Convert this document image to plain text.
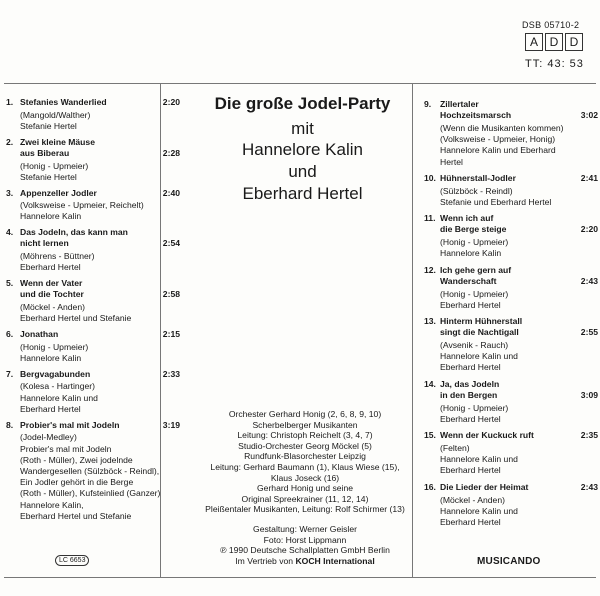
DSB 05710-2
A D D
TT: 43: 53
Die große Jodel-Party
mit
Hannelore Kalin
und
Eberhard Hertel
1. Stefanies Wanderlied	2:20
(Mangold/Walther)
Stefanie Hertel
2. Zwei kleine Mäuse
aus Biberau	2:28
(Honig - Upmeier)
Stefanie Hertel
3. Appenzeller Jodler	2:40
(Volksweise - Upmeier, Reichelt)
Hannelore Kalin
4. Das Jodeln, das kann man
nicht lernen	2:54
(Möhrens - Büttner)
Eberhard Hertel
5. Wenn der Vater
und die Tochter	2:58
(Möckel - Anden)
Eberhard Hertel und Stefanie
6. Jonathan	2:15
(Honig - Upmeier)
Hannelore Kalin
7. Bergvagabunden	2:33
(Kolesa - Hartinger)
Hannelore Kalin und
Eberhard Hertel
8. Probier's mal mit Jodeln	3:19
(Jodel-Medley)
Probier's mal mit Jodeln
(Roth - Müller), Zwei jodelnde
Wandergesellen (Sülzböck - Reindl),
Ein Jodler gehört in die Berge
(Roth - Müller), Kufsteinlied (Ganzer)
Hannelore Kalin,
Eberhard Hertel und Stefanie
9. Zillertaler
Hochzeitsmarsch	3:02
(Wenn die Musikanten kommen)
(Volksweise - Upmeier, Honig)
Hannelore Kalin und Eberhard
Hertel
10. Hühnerstall-Jodler	2:41
(Sülzböck - Reindl)
Stefanie und Eberhard Hertel
11. Wenn ich auf
die Berge steige	2:20
(Honig - Upmeier)
Hannelore Kalin
12. Ich gehe gern auf
Wanderschaft	2:43
(Honig - Upmeier)
Eberhard Hertel
13. Hinterm Hühnerstall
singt die Nachtigall	2:55
(Avsenik - Rauch)
Hannelore Kalin und
Eberhard Hertel
14. Ja, das Jodeln
in den Bergen	3:09
(Honig - Upmeier)
Eberhard Hertel
15. Wenn der Kuckuck ruft	2:35
(Felten)
Hannelore Kalin und
Eberhard Hertel
16. Die Lieder der Heimat	2:43
(Möckel - Anden)
Hannelore Kalin und
Eberhard Hertel
Orchester Gerhard Honig (2, 6, 8, 9, 10)
Scherbelberger Musikanten
Leitung: Christoph Reichelt (3, 4, 7)
Studio-Orchester Georg Möckel (5)
Rundfunk-Blasorchester Leipzig
Leitung: Gerhard Baumann (1), Klaus Wiese (15),
Klaus Joseck (16)
Gerhard Honig und seine
Original Spreekrainer (11, 12, 14)
Pleißentaler Musikanten, Leitung: Rolf Schirmer (13)
Gestaltung: Werner Geisler
Foto: Horst Lippmann
℗ 1990 Deutsche Schallplatten GmbH Berlin
Im Vertrieb von KOCH International
LC 6653	MUSICANDO
